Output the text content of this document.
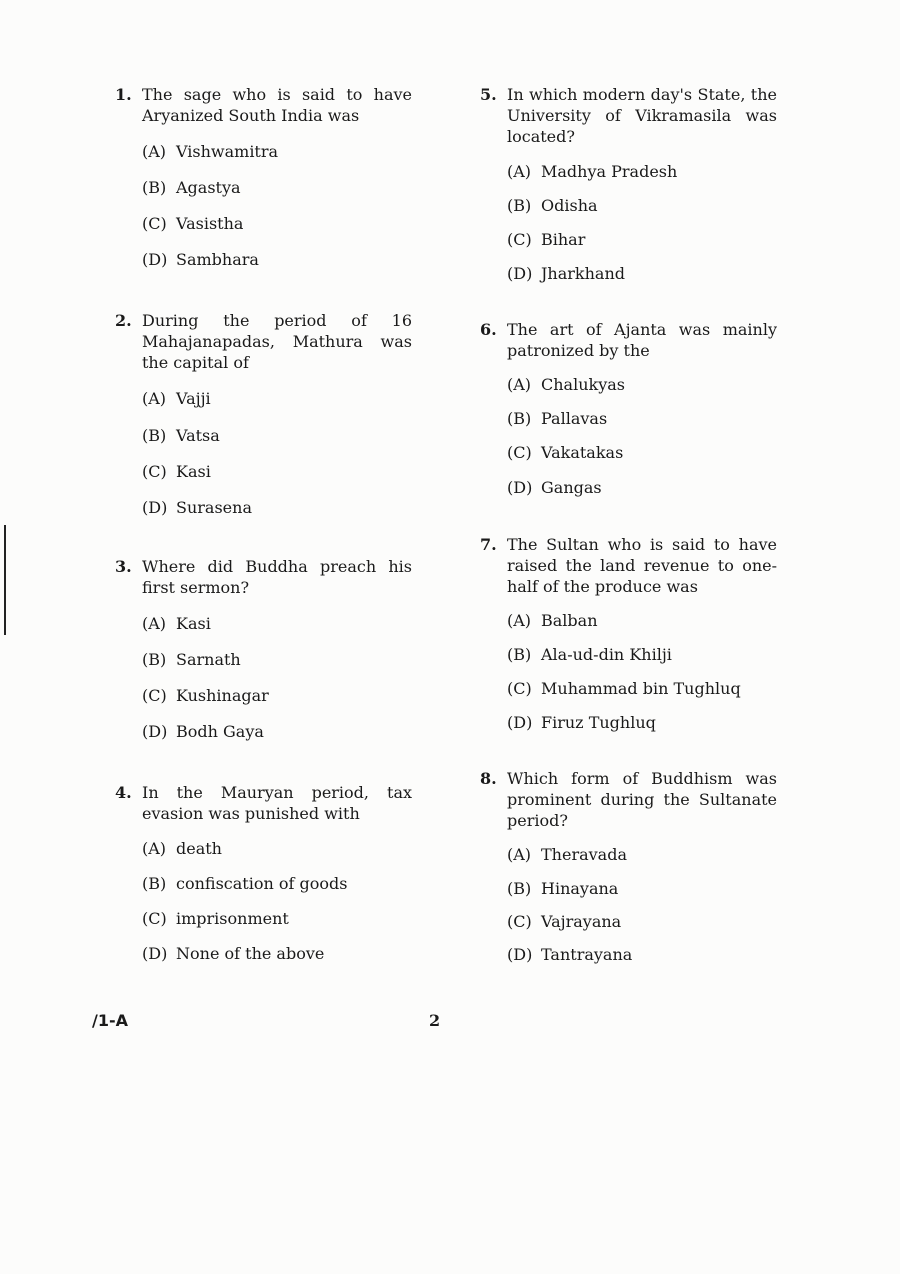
1. The sage who is said to have Aryanized South India was
(A) Vishwamitra
(B) Agastya
(C) Vasistha
(D) Sambhara
2. During the period of 16 Mahajanapadas, Mathura was the capital of
(A) Vajji
(B) Vatsa
(C) Kasi
(D) Surasena
3. Where did Buddha preach his first sermon?
(A) Kasi
(B) Sarnath
(C) Kushinagar
(D) Bodh Gaya
4. In the Mauryan period, tax evasion was punished with
(A) death
(B) confiscation of goods
(C) imprisonment
(D) None of the above
5. In which modern day's State, the University of Vikramasila was located?
(A) Madhya Pradesh
(B) Odisha
(C) Bihar
(D) Jharkhand
6. The art of Ajanta was mainly patronized by the
(A) Chalukyas
(B) Pallavas
(C) Vakatakas
(D) Gangas
7. The Sultan who is said to have raised the land revenue to one-half of the produce was
(A) Balban
(B) Ala-ud-din Khilji
(C) Muhammad bin Tughluq
(D) Firuz Tughluq
8. Which form of Buddhism was prominent during the Sultanate period?
(A) Theravada
(B) Hinayana
(C) Vajrayana
(D) Tantrayana
/1-A	2
